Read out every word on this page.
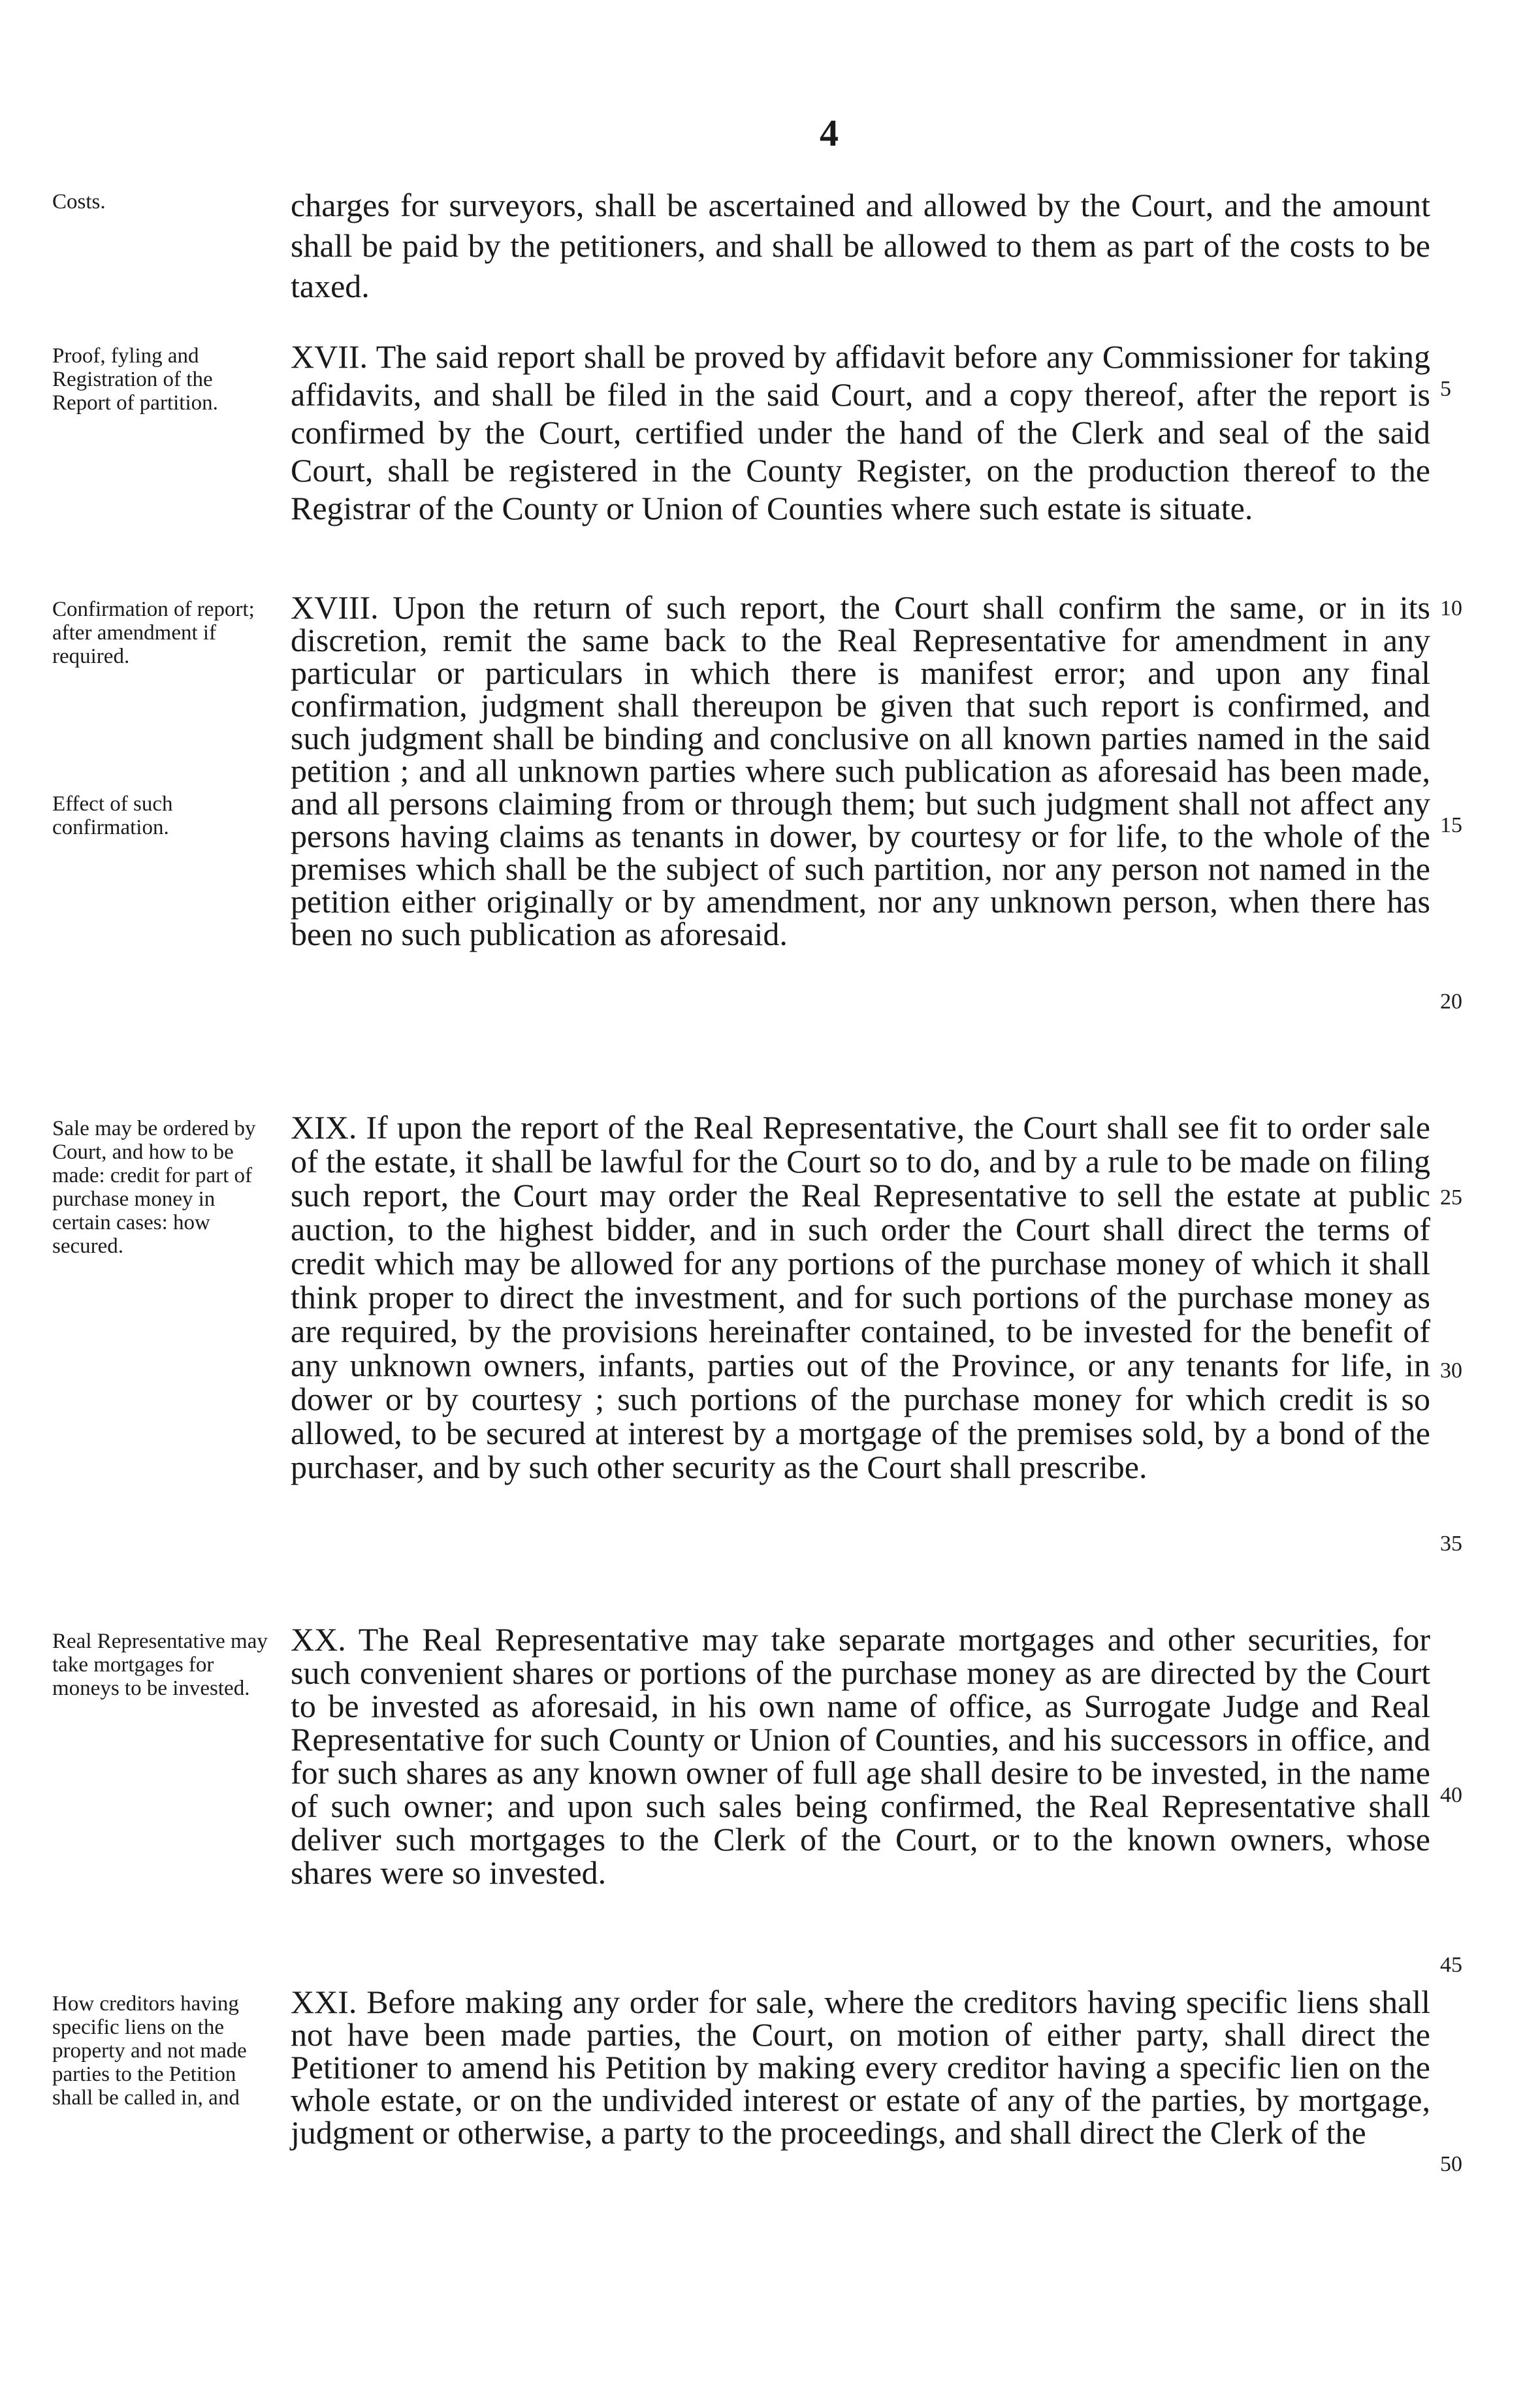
4
Costs.	charges for surveyors, shall be ascertained and allowed by the Court, and the amount shall be paid by the petitioners, and shall be allowed to them as part of the costs to be taxed.

Proof, fyling and Registration of the Report of partition.

XVII. The said report shall be proved by affidavit before any Commissioner for taking affidavits, and shall be filed in the said Court, and a copy thereof, after the report is confirmed by the Court, certified under the hand of the Clerk and seal of the said Court, shall be registered in the County Register, on the production thereof to the Registrar of the County or Union of Counties where such estate is situate.

5
Confirmation of report; after amendment if required.
Effect of such confirmation.

XVIII. Upon the return of such report, the Court shall confirm the same, or in its discretion, remit the same back to the Real Representative for amendment in any particular or particulars in which there is manifest error; and upon any final confirmation, judgment shall thereupon be given that such report is confirmed, and such judgment shall be binding and conclusive on all known parties named in the said petition ; and all unknown parties where such publication as aforesaid has been made, and all persons claiming from or through them; but such judgment shall not affect any persons having claims as tenants in dower, by courtesy or for life, to the whole of the premises which shall be the subject of such partition, nor any person not named in the petition either originally or by amendment, nor any unknown person, when there has been no such publication as aforesaid.

10
15
20
Sale may be ordered by Court, and how to be made: credit for part of purchase money in certain cases: how secured.

XIX. If upon the report of the Real Representative, the Court shall see fit to order sale of the estate, it shall be lawful for the Court so to do, and by a rule to be made on filing such report, the Court may order the Real Representative to sell the estate at public auction, to the highest bidder, and in such order the Court shall direct the terms of credit which may be allowed for any portions of the purchase money of which it shall think proper to direct the investment, and for such portions of the purchase money as are required, by the provisions hereinafter contained, to be invested for the benefit of any unknown owners, infants, parties out of the Province, or any tenants for life, in dower or by courtesy ; such portions of the purchase money for which credit is so allowed, to be secured at interest by a mortgage of the premises sold, by a bond of the purchaser, and by such other security as the Court shall prescribe.

25
30
35
Real Representative may take mortgages for moneys to be invested.

XX. The Real Representative may take separate mortgages and other securities, for such convenient shares or portions of the purchase money as are directed by the Court to be invested as aforesaid, in his own name of office, as Surrogate Judge and Real Representative for such County or Union of Counties, and his successors in office, and for such shares as any known owner of full age shall desire to be invested, in the name of such owner; and upon such sales being confirmed, the Real Representative shall deliver such mortgages to the Clerk of the Court, or to the known owners, whose shares were so invested.

40
45
How creditors having specific liens on the property and not made parties to the Petition shall be called in, and

XXI. Before making any order for sale, where the creditors having specific liens shall not have been made parties, the Court, on motion of either party, shall direct the Petitioner to amend his Petition by making every creditor having a specific lien on the whole estate, or on the undivided interest or estate of any of the parties, by mortgage, judgment or otherwise, a party to the proceedings, and shall direct the Clerk of the

50
